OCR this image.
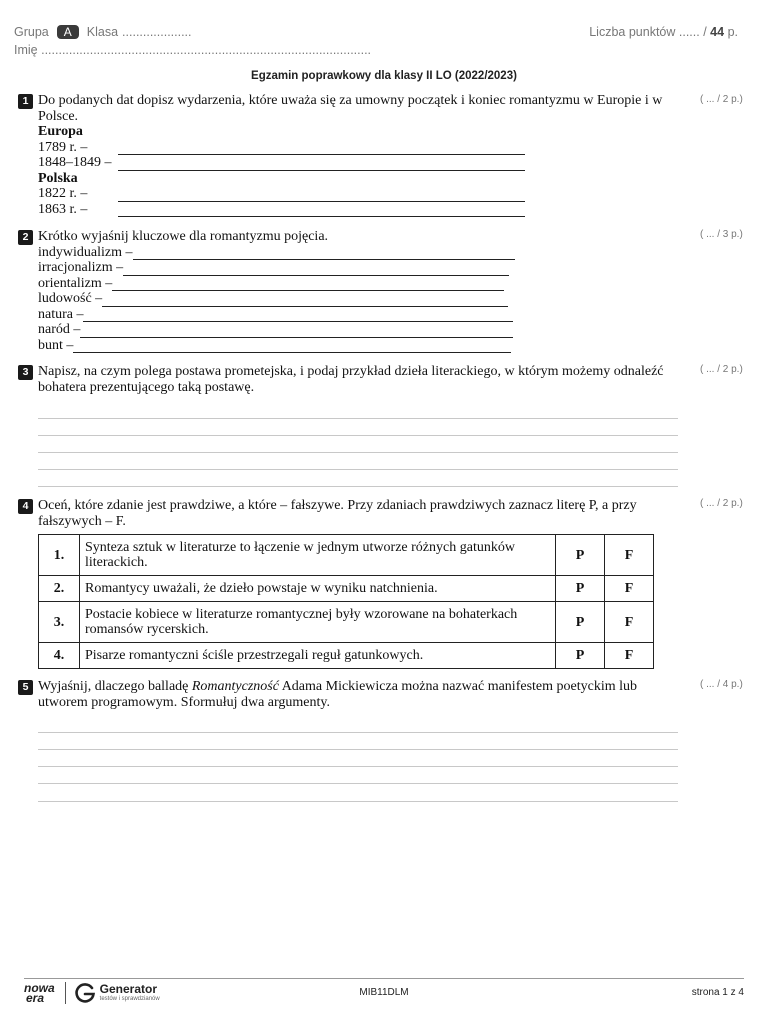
Grupa	A	Klasa ....................
Imię ...............................................................................................
Liczba punktów ...... / 44 p.
Egzamin poprawkowy dla klasy II LO (2022/2023)
1 Do podanych dat dopisz wydarzenia, które uważa się za umowny początek i koniec romantyzmu w Europie i w Polsce.
Europa
1789 r. –
1848–1849 –
Polska
1822 r. –
1863 r. –
( ... / 2 p.)
2 Krótko wyjaśnij kluczowe dla romantyzmu pojęcia.
indywidualizm –
irracjonalizm –
orientalizm –
ludowość –
natura –
naród –
bunt –
( ... / 3 p.)
3 Napisz, na czym polega postawa prometejska, i podaj przykład dzieła literackiego, w którym możemy odnaleźć bohatera prezentującego taką postawę.
( ... / 2 p.)
4 Oceń, które zdanie jest prawdziwe, a które – fałszywe. Przy zdaniach prawdziwych zaznacz literę P, a przy fałszywych – F.
( ... / 2 p.)
1.	Synteza sztuk w literaturze to łączenie w jednym utworze różnych gatunków literackich.	P	F
2.	Romantycy uważali, że dzieło powstaje w wyniku natchnienia.	P	F
3.	Postacie kobiece w literaturze romantycznej były wzorowane na bohaterkach romansów rycerskich.	P	F
4.	Pisarze romantyczni ściśle przestrzegali reguł gatunkowych.	P	F
5 Wyjaśnij, dlaczego balladę Romantyczność Adama Mickiewicza można nazwać manifestem poetyckim lub utworem programowym. Sformułuj dwa argumenty.
( ... / 4 p.)
nowa
era
Generator
testów i sprawdzianów
MIB11DLM	strona 1 z 4
